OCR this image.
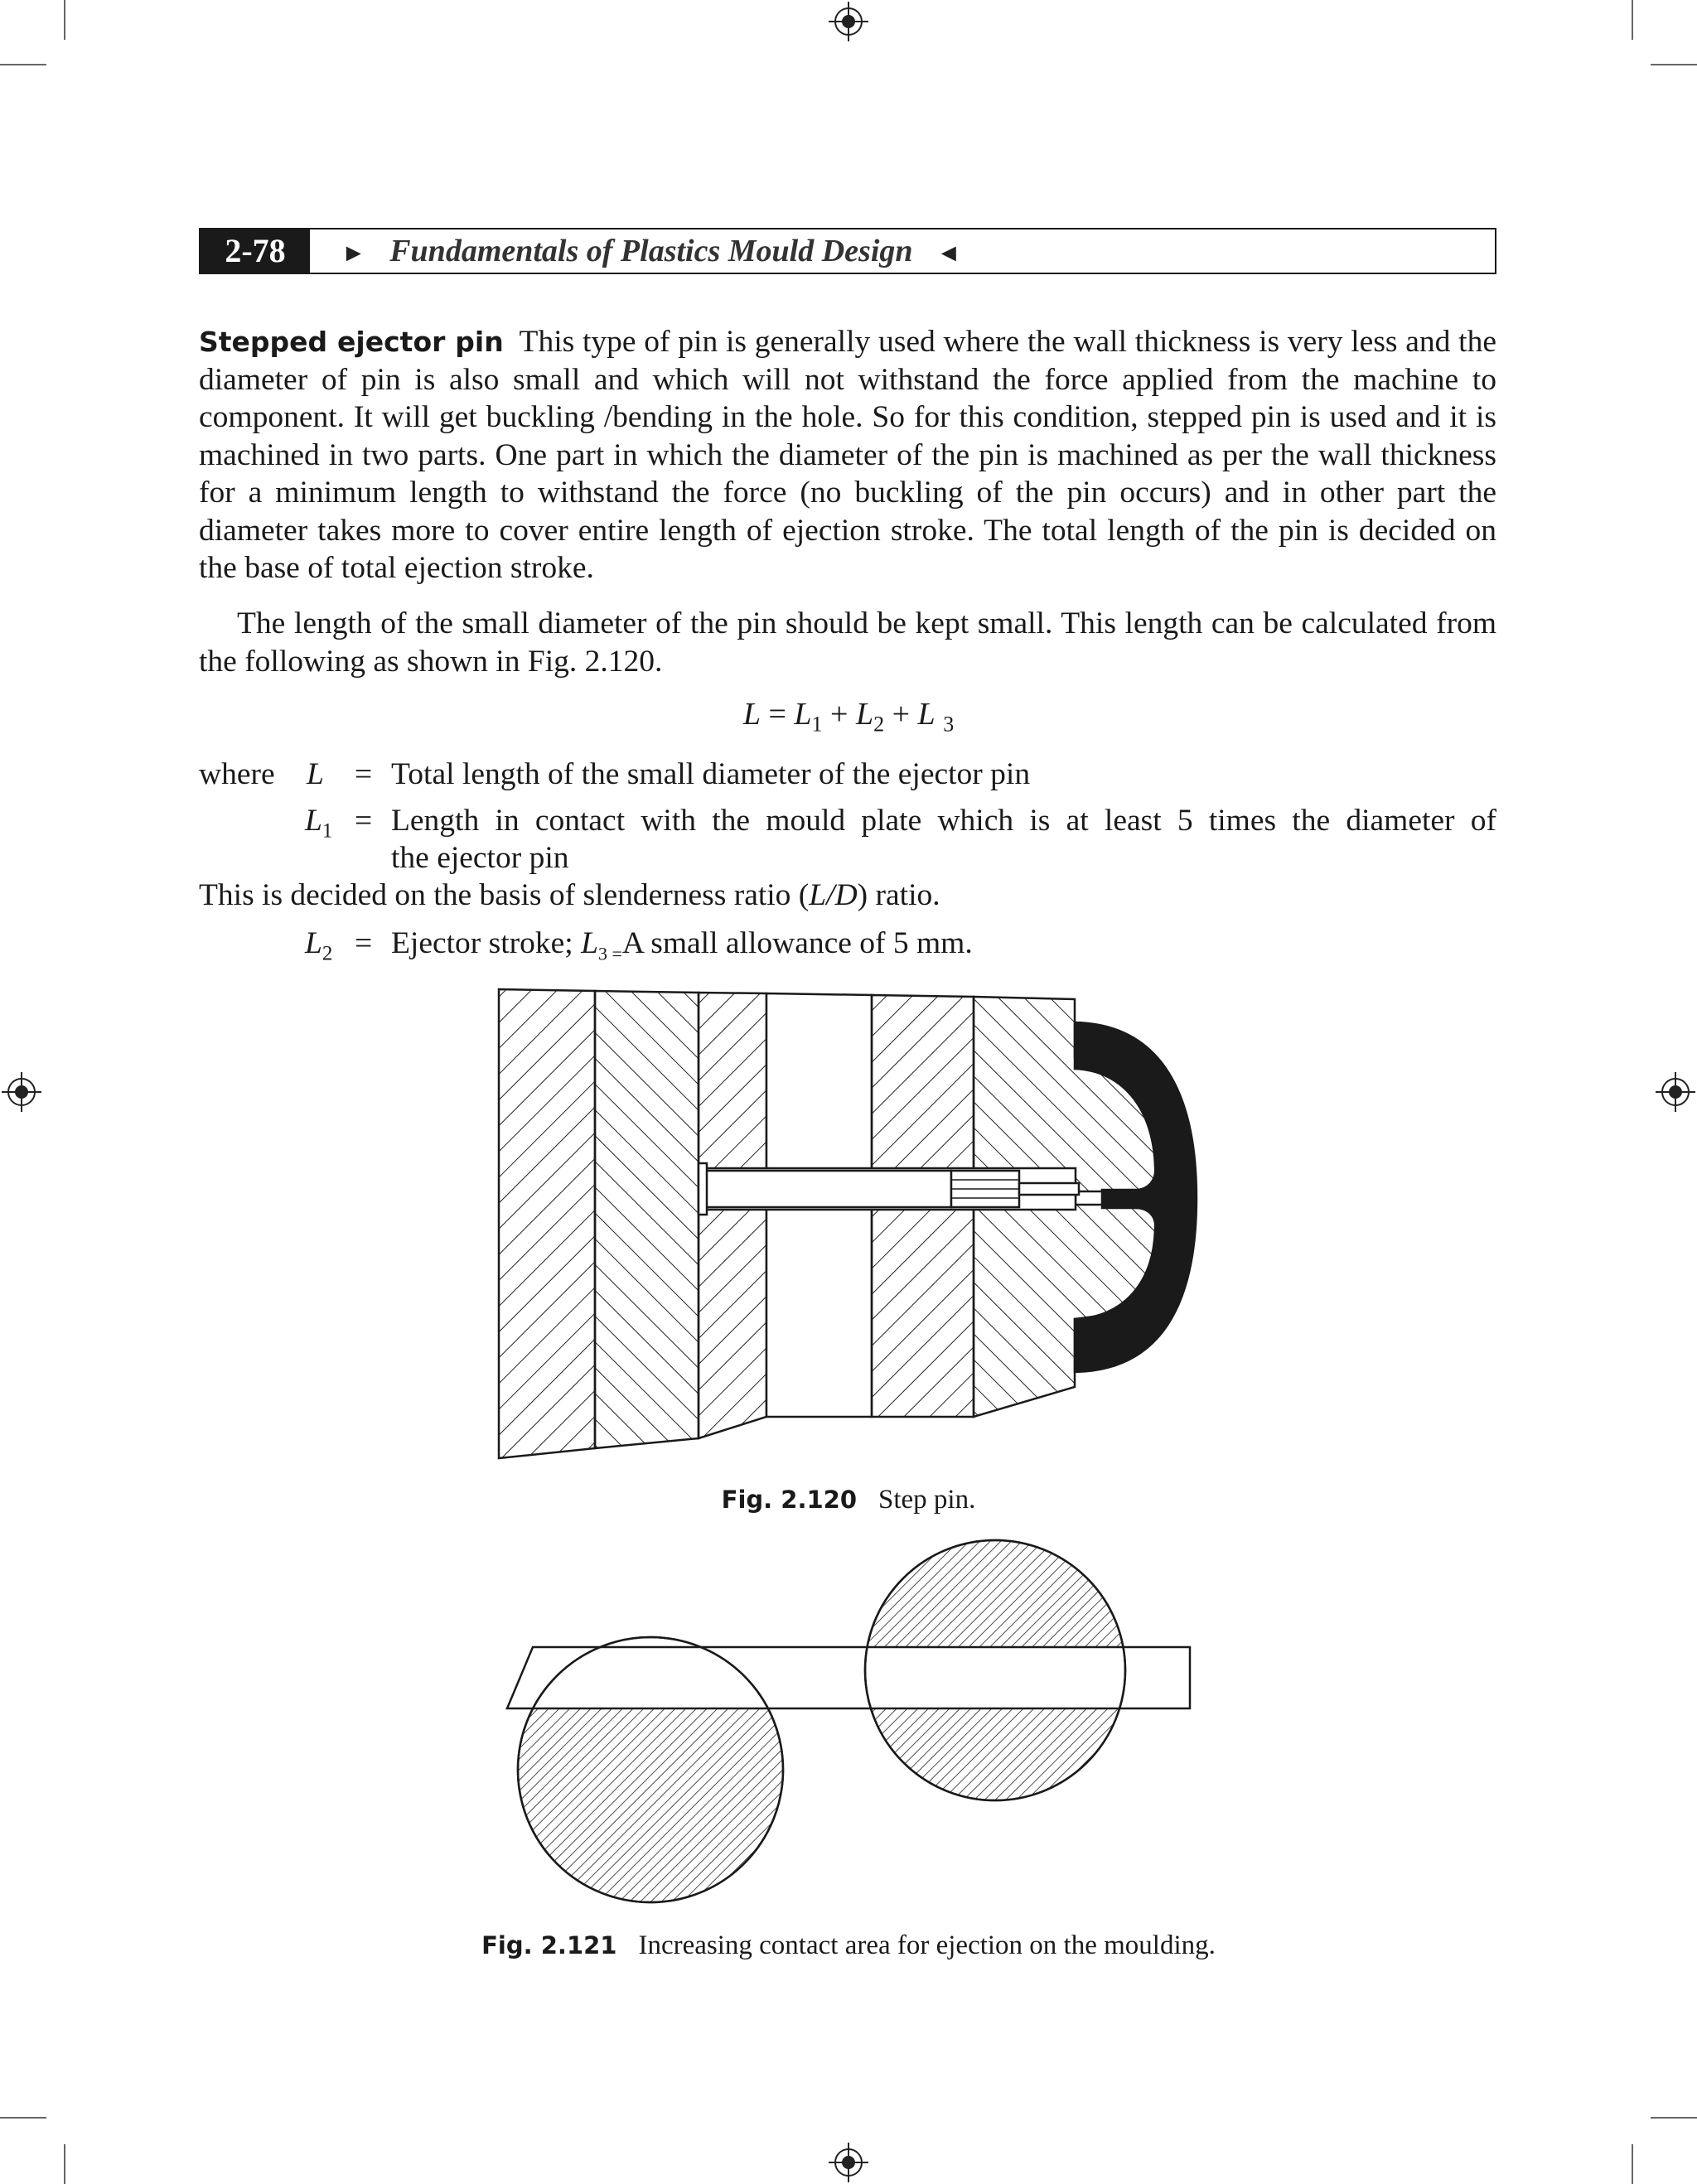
2-78	► Fundamentals of Plastics Mould Design ◄
Stepped ejector pin This type of pin is generally used where the wall thickness is very less and the diameter of pin is also small and which will not withstand the force applied from the machine to component. It will get buckling /bending in the hole. So for this condition, stepped pin is used and it is machined in two parts. One part in which the diameter of the pin is machined as per the wall thickness for a minimum length to withstand the force (no buckling of the pin occurs) and in other part the diameter takes more to cover entire length of ejection stroke. The total length of the pin is decided on the base of total ejection stroke.
The length of the small diameter of the pin should be kept small. This length can be calculated from the following as shown in Fig. 2.120.
$L = L_1 + L_2 + L$ $_3$
where L = Total length of the small diameter of the ejector pin
$L_1$ = Length in contact with the mould plate which is at least 5 times the diameter of
the ejector pin
This is decided on the basis of slenderness ratio (L/D) ratio.
$L_2$ = Ejector stroke; $L_{3 =}A$ small allowance of 5 mm.
Fig. 2.120 Step pin.
Fig. 2.121 Increasing contact area for ejection on the moulding.
